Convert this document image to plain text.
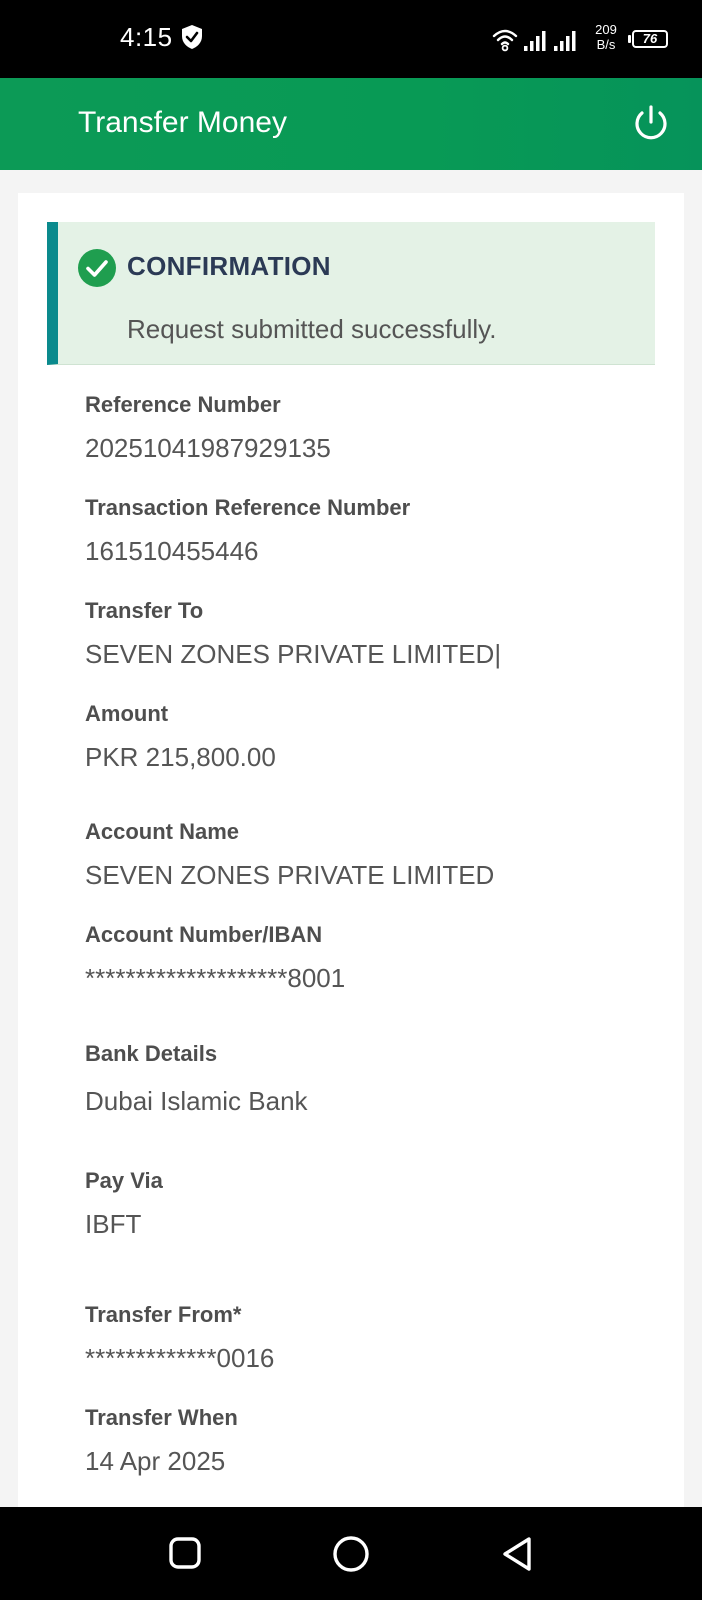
4:15	209
B/s	76
Transfer Money
CONFIRMATION
Request submitted successfully.
Reference Number
20251041987929135
Transaction Reference Number
161510455446
Transfer To
SEVEN ZONES PRIVATE LIMITED|
Amount
PKR 215,800.00
Account Name
SEVEN ZONES PRIVATE LIMITED
Account Number/IBAN
********************8001
Bank Details
Dubai Islamic Bank
Pay Via
IBFT
Transfer From*
*************0016
Transfer When
14 Apr 2025
